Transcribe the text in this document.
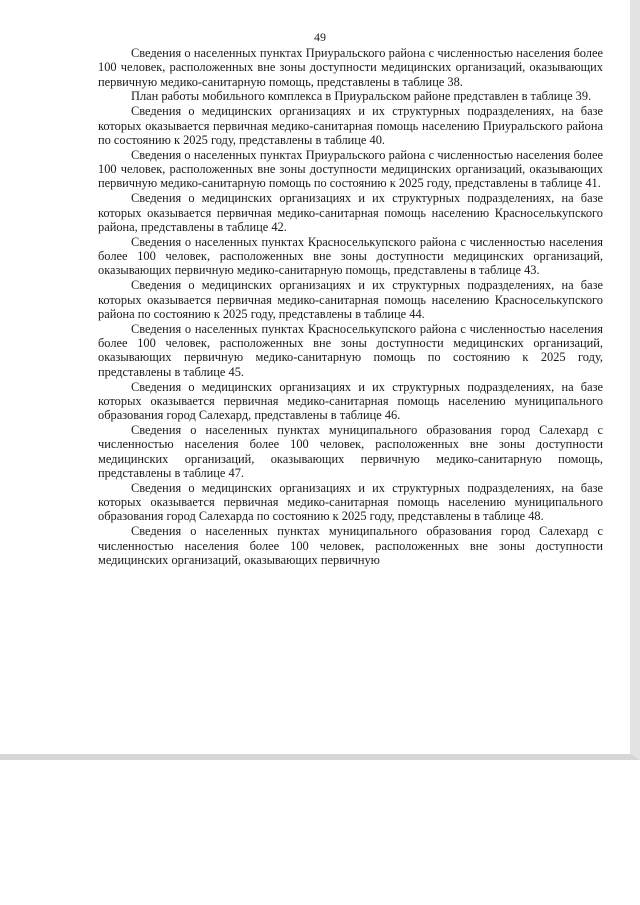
49

Сведения о населенных пунктах Приуральского района с численностью населения более 100 человек, расположенных вне зоны доступности медицинских организаций, оказывающих первичную медико-санитарную помощь, представлены в таблице 38.

План работы мобильного комплекса в Приуральском районе представлен в таблице 39.

Сведения о медицинских организациях и их структурных подразделениях, на базе которых оказывается первичная медико-санитарная помощь населению Приуральского района по состоянию к 2025 году, представлены в таблице 40.

Сведения о населенных пунктах Приуральского района с численностью населения более 100 человек, расположенных вне зоны доступности медицинских организаций, оказывающих первичную медико-санитарную помощь по состоянию к 2025 году, представлены в таблице 41.

Сведения о медицинских организациях и их структурных подразделениях, на базе которых оказывается первичная медико-санитарная помощь населению Красноселькупского района, представлены в таблице 42.

Сведения о населенных пунктах Красноселькупского района с численностью населения более 100 человек, расположенных вне зоны доступности медицинских организаций, оказывающих первичную медико-санитарную помощь, представлены в таблице 43.

Сведения о медицинских организациях и их структурных подразделениях, на базе которых оказывается первичная медико-санитарная помощь населению Красноселькупского района по состоянию к 2025 году, представлены в таблице 44.

Сведения о населенных пунктах Красноселькупского района с численностью населения более 100 человек, расположенных вне зоны доступности медицинских организаций, оказывающих первичную медико-санитарную помощь по состоянию к 2025 году, представлены в таблице 45.

Сведения о медицинских организациях и их структурных подразделениях, на базе которых оказывается первичная медико-санитарная помощь населению муниципального образования город Салехард, представлены в таблице 46.

Сведения о населенных пунктах муниципального образования город Салехард с численностью населения более 100 человек, расположенных вне зоны доступности медицинских организаций, оказывающих первичную медико-санитарную помощь, представлены в таблице 47.

Сведения о медицинских организациях и их структурных подразделениях, на базе которых оказывается первичная медико-санитарная помощь населению муниципального образования город Салехарда по состоянию к 2025 году, представлены в таблице 48.

Сведения о населенных пунктах муниципального образования город Салехард с численностью населения более 100 человек, расположенных вне зоны доступности медицинских организаций, оказывающих первичную
